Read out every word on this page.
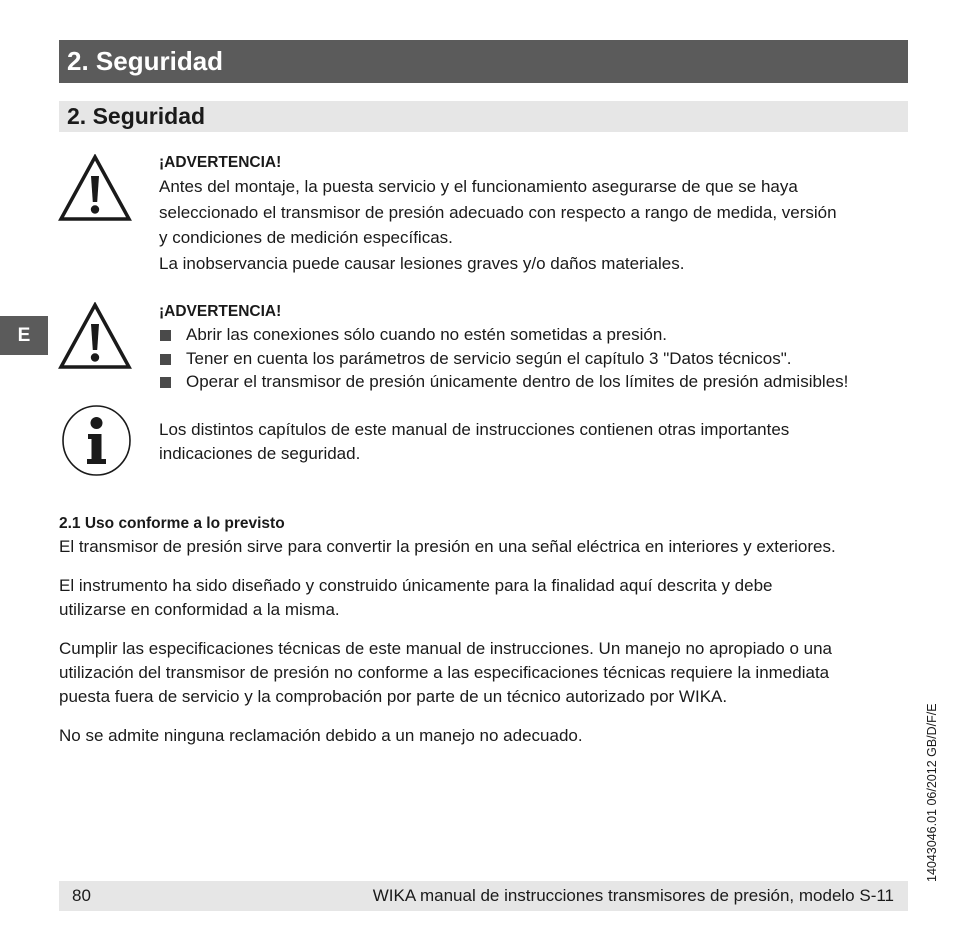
2. Seguridad
2. Seguridad
E
¡ADVERTENCIA!

Antes del montaje, la puesta servicio y el funcionamiento asegurarse de que se haya

seleccionado el transmisor de presión adecuado con respecto a rango de medida, versión

y condiciones de medición específicas.

La inobservancia puede causar lesiones graves y/o daños materiales.

¡ADVERTENCIA!
Abrir las conexiones sólo cuando no estén sometidas a presión.
Tener en cuenta los parámetros de servicio según el capítulo 3 "Datos técnicos".
Operar el transmisor de presión únicamente dentro de los límites de presión admisibles!

Los distintos capítulos de este manual de instrucciones contienen otras importantes

indicaciones de seguridad.

2.1 Uso conforme a lo previsto

El transmisor de presión sirve para convertir la presión en una señal eléctrica en interiores y exteriores.

El instrumento ha sido diseñado y construido únicamente para la finalidad aquí descrita y debe

utilizarse en conformidad a la misma.

Cumplir las especificaciones técnicas de este manual de instrucciones. Un manejo no apropiado o una

utilización del transmisor de presión no conforme a las especificaciones técnicas requiere la inmediata

puesta fuera de servicio y la comprobación por parte de un técnico autorizado por WIKA.

No se admite ninguna reclamación debido a un manejo no adecuado.

80	WIKA manual de instrucciones transmisores de presión, modelo S-11
14043046.01 06/2012 GB/D/F/E
